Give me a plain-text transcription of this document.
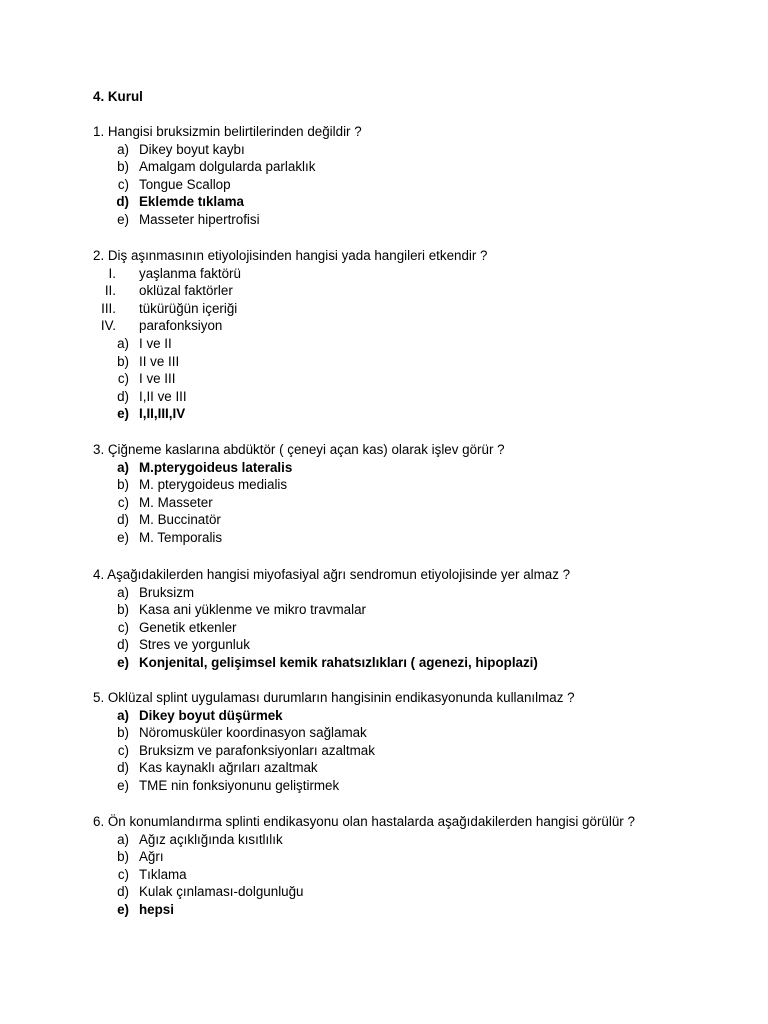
4. Kurul
1. Hangisi bruksizmin belirtilerinden değildir ?
a) Dikey boyut kaybı
b) Amalgam dolgularda parlaklık
c) Tongue Scallop
d) Eklemde tıklama
e) Masseter hipertrofisi
2. Diş aşınmasının etiyolojisinden hangisi yada hangileri etkendir ?
I. yaşlanma faktörü
II. oklüzal faktörler
III. tükürüğün içeriği
IV. parafonksiyon
a) I ve II
b) II ve III
c) I ve III
d) I,II ve III
e) I,II,III,IV
3. Çiğneme kaslarına abdüktör ( çeneyi açan kas) olarak işlev görür ?
a) M.pterygoideus lateralis
b) M. pterygoideus medialis
c) M. Masseter
d) M. Buccinatör
e) M. Temporalis
4. Aşağıdakilerden hangisi miyofasiyal ağrı sendromun etiyolojisinde yer almaz ?
a) Bruksizm
b) Kasa ani yüklenme ve mikro travmalar
c) Genetik etkenler
d) Stres ve yorgunluk
e) Konjenital, gelişimsel kemik rahatsızlıkları ( agenezi, hipoplazi)
5. Oklüzal splint uygulaması durumların hangisinin endikasyonunda kullanılmaz ?
a) Dikey boyut düşürmek
b) Nöromusküler koordinasyon sağlamak
c) Bruksizm ve parafonksiyonları azaltmak
d) Kas kaynaklı ağrıları azaltmak
e) TME nin fonksiyonunu geliştirmek
6. Ön konumlandırma splinti endikasyonu olan hastalarda aşağıdakilerden hangisi görülür ?
a) Ağız açıklığında kısıtlılık
b) Ağrı
c) Tıklama
d) Kulak çınlaması-dolgunluğu
e) hepsi
